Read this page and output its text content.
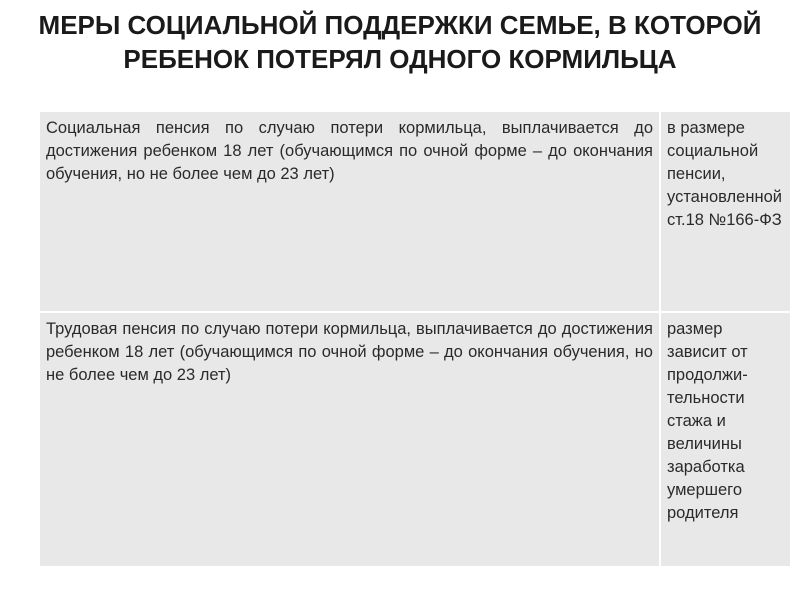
МЕРЫ СОЦИАЛЬНОЙ ПОДДЕРЖКИ СЕМЬЕ, В КОТОРОЙ РЕБЕНОК ПОТЕРЯЛ ОДНОГО КОРМИЛЬЦА
Социальная пенсия по случаю потери кормильца, выплачивается до достижения ребенком 18 лет (обучающимся по очной форме – до окончания обучения, но не более чем до 23 лет)	в размере социальной пенсии, установленной ст.18 №166-ФЗ
Трудовая пенсия по случаю потери кормильца, выплачивается до достижения ребенком 18 лет (обучающимся по очной форме – до окончания обучения, но не более чем до 23 лет)	размер зависит от продолжи-тельности стажа и величины заработка умершего родителя
